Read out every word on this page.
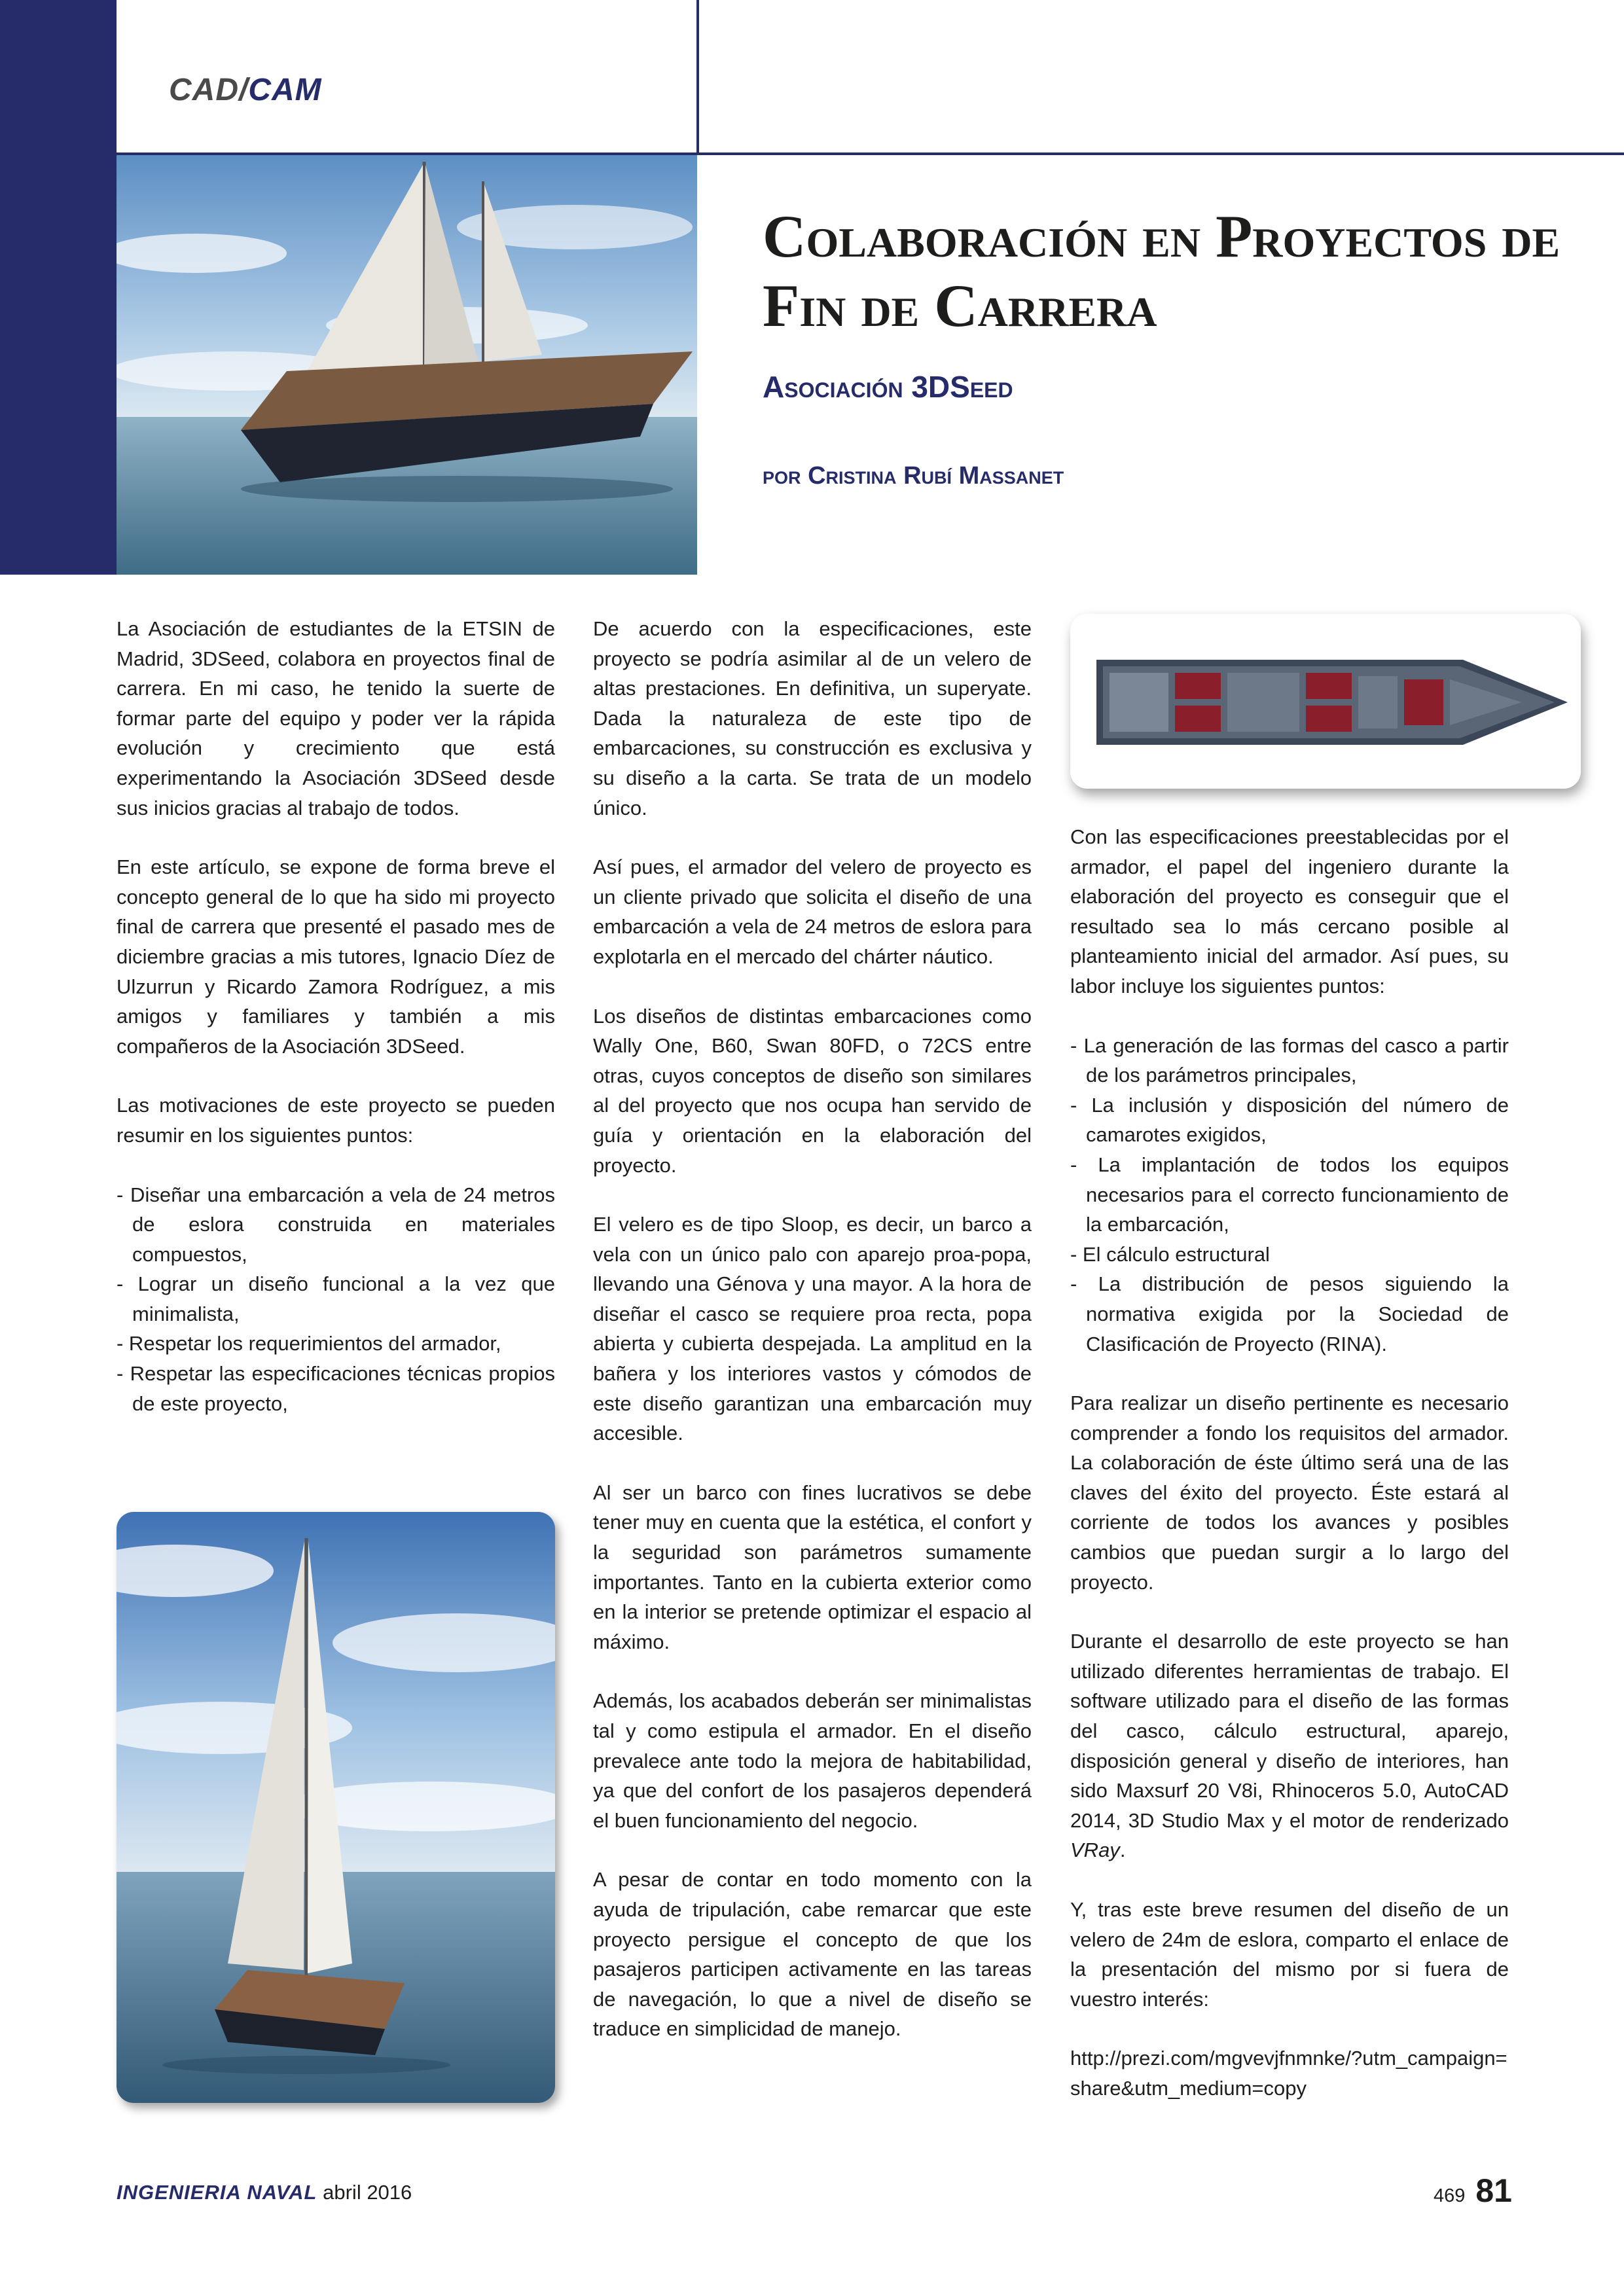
CAD/CAM
Colaboración en Proyectos de Fin de Carrera
Asociación 3DSeed
por Cristina Rubí Massanet

La Asociación de estudiantes de la ETSIN de Madrid, 3DSeed, colabora en proyectos final de carrera. En mi caso, he tenido la suerte de formar parte del equipo y poder ver la rápida evolución y crecimiento que está experimentando la Asociación 3DSeed desde sus inicios gracias al trabajo de todos.

En este artículo, se expone de forma breve el concepto general de lo que ha sido mi proyecto final de carrera que presenté el pasado mes de diciembre gracias a mis tutores, Ignacio Díez de Ulzurrun y Ricardo Zamora Rodríguez, a mis amigos y familiares y también a mis compañeros de la Asociación 3DSeed.

Las motivaciones de este proyecto se pueden resumir en los siguientes puntos:

- Diseñar una embarcación a vela de 24 metros de eslora construida en materiales compuestos,
- Lograr un diseño funcional a la vez que minimalista,
- Respetar los requerimientos del armador,
- Respetar las especificaciones técnicas propios de este proyecto,

De acuerdo con la especificaciones, este proyecto se podría asimilar al de un velero de altas prestaciones. En definitiva, un superyate. Dada la naturaleza de este tipo de embarcaciones, su construcción es exclusiva y su diseño a la carta. Se trata de un modelo único.

Así pues, el armador del velero de proyecto es un cliente privado que solicita el diseño de una embarcación a vela de 24 metros de eslora para explotarla en el mercado del chárter náutico.

Los diseños de distintas embarcaciones como Wally One, B60, Swan 80FD, o 72CS entre otras, cuyos conceptos de diseño son similares al del proyecto que nos ocupa han servido de guía y orientación en la elaboración del proyecto.

El velero es de tipo Sloop, es decir, un barco a vela con un único palo con aparejo proa-popa, llevando una Génova y una mayor. A la hora de diseñar el casco se requiere proa recta, popa abierta y cubierta despejada. La amplitud en la bañera y los interiores vastos y cómodos de este diseño garantizan una embarcación muy accesible.

Al ser un barco con fines lucrativos se debe tener muy en cuenta que la estética, el confort y la seguridad son parámetros sumamente importantes. Tanto en la cubierta exterior como en la interior se pretende optimizar el espacio al máximo.

Además, los acabados deberán ser minimalistas tal y como estipula el armador. En el diseño prevalece ante todo la mejora de habitabilidad, ya que del confort de los pasajeros dependerá el buen funcionamiento del negocio.

A pesar de contar en todo momento con la ayuda de tripulación, cabe remarcar que este proyecto persigue el concepto de que los pasajeros participen activamente en las tareas de navegación, lo que a nivel de diseño se traduce en simplicidad de manejo.

Con las especificaciones preestablecidas por el armador, el papel del ingeniero durante la elaboración del proyecto es conseguir que el resultado sea lo más cercano posible al planteamiento inicial del armador. Así pues, su labor incluye los siguientes puntos:

- La generación de las formas del casco a partir de los parámetros principales,
- La inclusión y disposición del número de camarotes exigidos,
- La implantación de todos los equipos necesarios para el correcto funcionamiento de la embarcación,
- El cálculo estructural
- La distribución de pesos siguiendo la normativa exigida por la Sociedad de Clasificación de Proyecto (RINA).

Para realizar un diseño pertinente es necesario comprender a fondo los requisitos del armador. La colaboración de éste último será una de las claves del éxito del proyecto. Éste estará al corriente de todos los avances y posibles cambios que puedan surgir a lo largo del proyecto.

Durante el desarrollo de este proyecto se han utilizado diferentes herramientas de trabajo. El software utilizado para el diseño de las formas del casco, cálculo estructural, aparejo, disposición general y diseño de interiores, han sido Maxsurf 20 V8i, Rhinoceros 5.0, AutoCAD 2014, 3D Studio Max y el motor de renderizado VRay.

Y, tras este breve resumen del diseño de un velero de 24m de eslora, comparto el enlace de la presentación del mismo por si fuera de vuestro interés:

http://prezi.com/mgvevjfnmnke/?utm_campaign=share&utm_medium=copy

INGENIERIA NAVAL abril 2016	469 81
